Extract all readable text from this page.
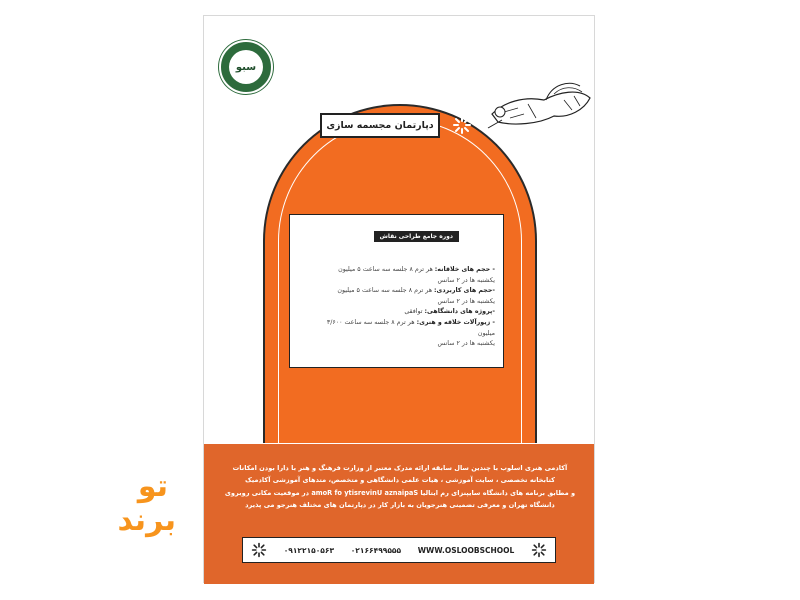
سبو
دپارتمان مجسمه سازی
دوره جامع طراحی نقاش
- حجم های خلاقانه: هر ترم ۸ جلسه سه ساعت ۵ میلیون
یکشنبه ها در ۲ سانس
-حجم های کاربردی: هر ترم ۸ جلسه سه ساعت ۵ میلیون
یکشنبه ها در ۲ سانس
-پروژه های دانشگاهی: توافقی
- زیورآلات خلاقه و هنری: هر ترم ۸ جلسه سه ساعت ۳/۶۰۰ میلیون
یکشنبه ها در ۲ سانس
آکادمی هنری اسلوب با چندین سال سابقه ارائه مدرک معتبر از وزارت فرهنگ و هنر با دارا بودن امکانات
کتابخانه تخصصی ، سایت آموزشی ، هیات علمی دانشگاهی و متخصص، متدهای آموزشی آکادمیک
و مطابق برنامه های دانشگاه سایپنزای رم ایتالیا amoR fo ytisrevinU aznaipaS در موقعیت مکانی روبروی
دانشگاه تهران و معرفی تضمینی هنرجویان به بازار کار در دپارتمان های مختلف هنرجو می پذیرد
۰۹۱۲۲۱۵۰۵۶۳ ۰۲۱۶۶۴۹۹۵۵۵ WWW.OSLOOBSCHOOL
تو
برند
